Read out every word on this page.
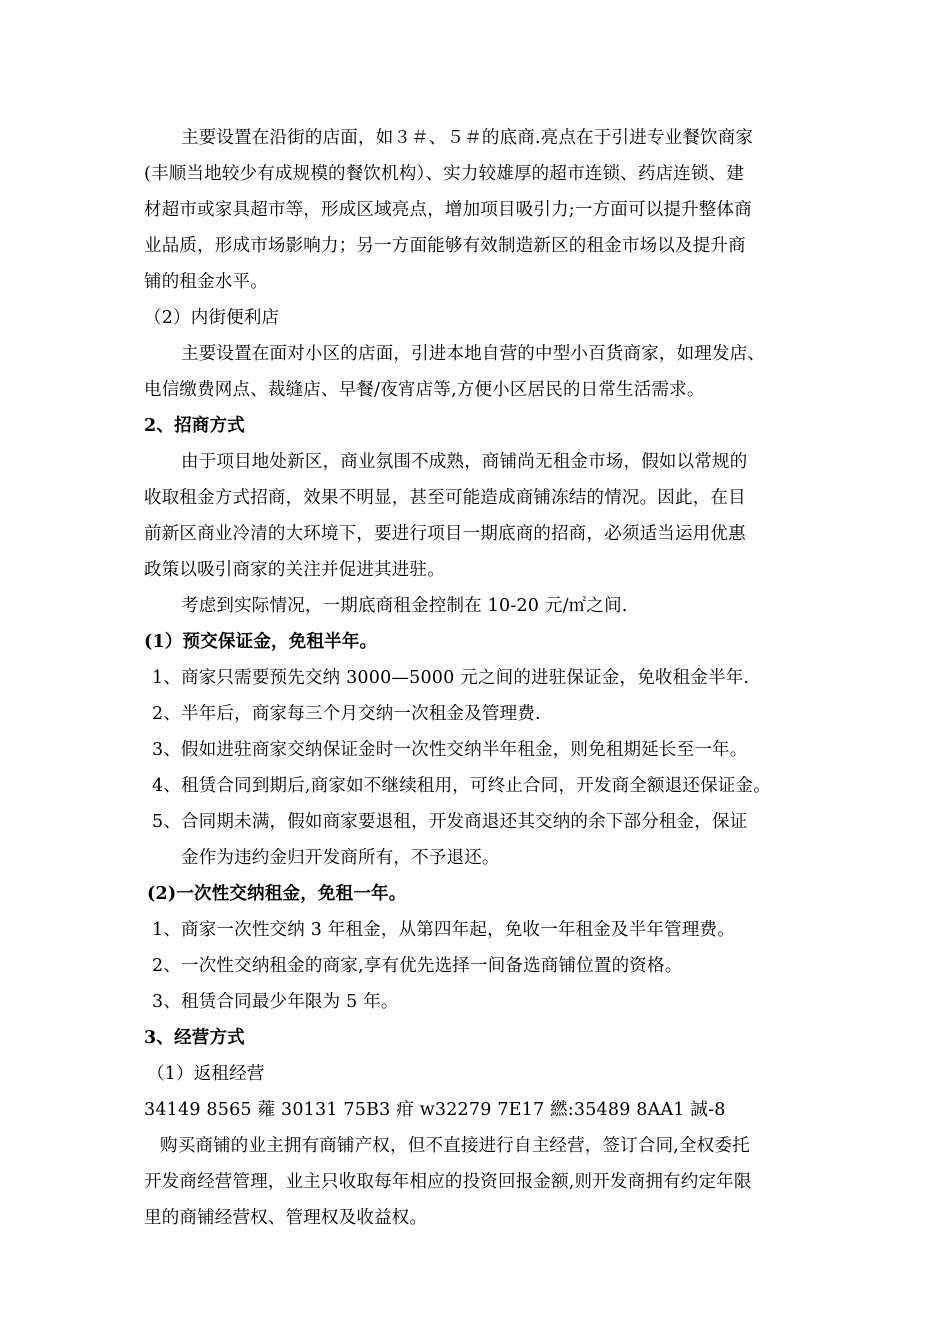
主要设置在沿街的店面，如３＃、５＃的底商.亮点在于引进专业餐饮商家
(丰顺当地较少有成规模的餐饮机构）、实力较雄厚的超市连锁、药店连锁、建
材超市或家具超市等，形成区域亮点，增加项目吸引力;一方面可以提升整体商
业品质，形成市场影响力；另一方面能够有效制造新区的租金市场以及提升商
铺的租金水平。
（2）内街便利店
主要设置在面对小区的店面，引进本地自营的中型小百货商家，如理发店、
电信缴费网点、裁缝店、早餐/夜宵店等,方便小区居民的日常生活需求。
2、招商方式
由于项目地处新区，商业氛围不成熟，商铺尚无租金市场，假如以常规的
收取租金方式招商，效果不明显，甚至可能造成商铺冻结的情况。因此，在目
前新区商业冷清的大环境下，要进行项目一期底商的招商，必须适当运用优惠
政策以吸引商家的关注并促进其进驻。
考虑到实际情况，一期底商租金控制在 10-20 元/㎡之间.
(1）预交保证金，免租半年。
1、商家只需要预先交纳 3000—5000 元之间的进驻保证金，免收租金半年.
2、半年后，商家每三个月交纳一次租金及管理费.
3、假如进驻商家交纳保证金时一次性交纳半年租金，则免租期延长至一年。
4、租赁合同到期后,商家如不继续租用，可终止合同，开发商全额退还保证金。
5、合同期未满，假如商家要退租，开发商退还其交纳的余下部分租金，保证
金作为违约金归开发商所有，不予退还。
(2)一次性交纳租金，免租一年。
1、商家一次性交纳 3 年租金，从第四年起，免收一年租金及半年管理费。
2、一次性交纳租金的商家,享有优先选择一间备选商铺位置的资格。
3、租赁合同最少年限为 5 年。
3、经营方式
（1）返租经营
34149 8565 蕹 30131 75B3 疳 w32279 7E17 繎:35489 8AA1 誠-8
购买商铺的业主拥有商铺产权，但不直接进行自主经营，签订合同,全权委托
开发商经营管理，业主只收取每年相应的投资回报金额,则开发商拥有约定年限
里的商铺经营权、管理权及收益权。
